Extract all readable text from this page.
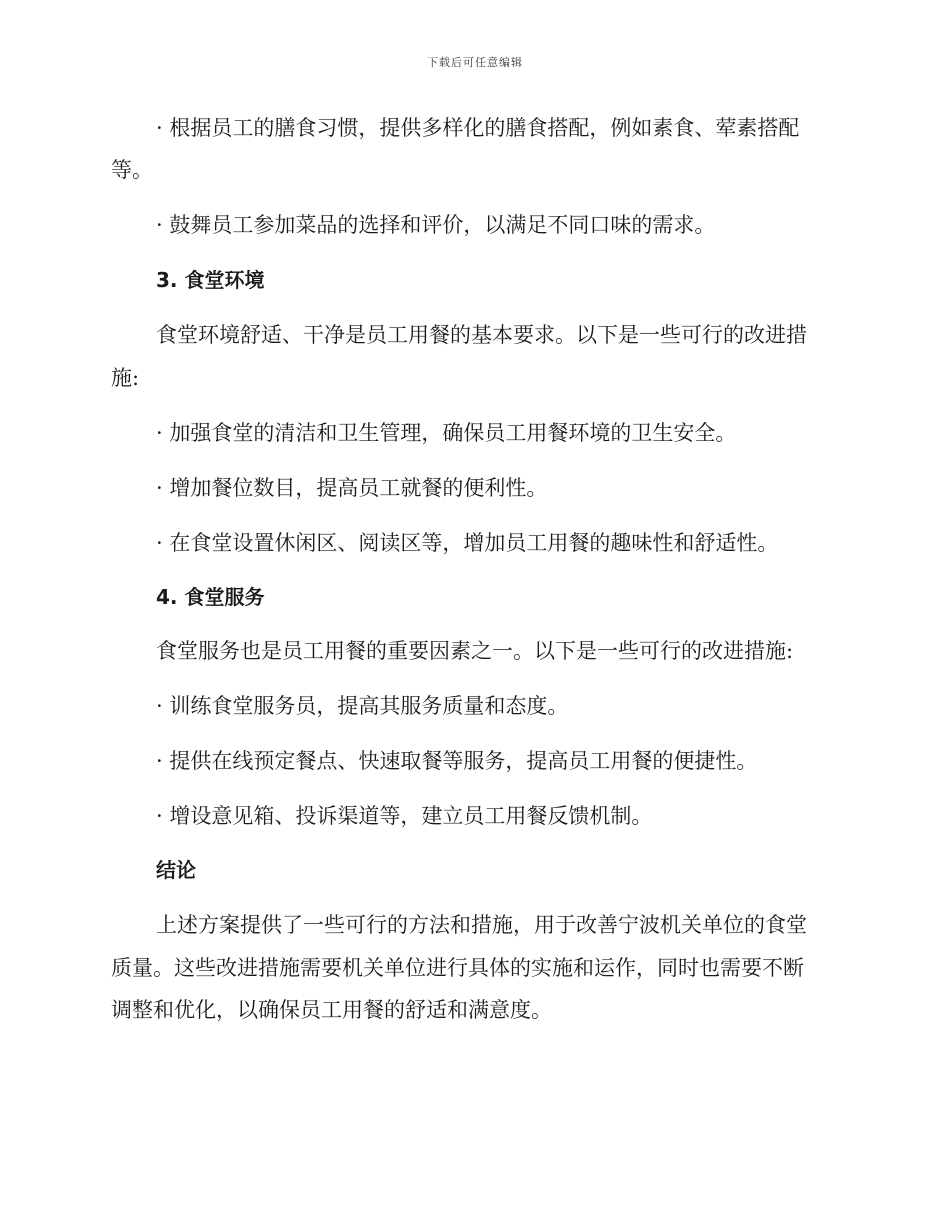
下载后可任意编辑
· 根据员工的膳食习惯，提供多样化的膳食搭配，例如素食、荤素搭配
等。
· 鼓舞员工参加菜品的选择和评价，以满足不同口味的需求。
3. 食堂环境
食堂环境舒适、干净是员工用餐的基本要求。以下是一些可行的改进措
施:
· 加强食堂的清洁和卫生管理，确保员工用餐环境的卫生安全。
· 增加餐位数目，提高员工就餐的便利性。
· 在食堂设置休闲区、阅读区等，增加员工用餐的趣味性和舒适性。
4. 食堂服务
食堂服务也是员工用餐的重要因素之一。以下是一些可行的改进措施:
· 训练食堂服务员，提高其服务质量和态度。
· 提供在线预定餐点、快速取餐等服务，提高员工用餐的便捷性。
· 增设意见箱、投诉渠道等，建立员工用餐反馈机制。
结论
上述方案提供了一些可行的方法和措施，用于改善宁波机关单位的食堂
质量。这些改进措施需要机关单位进行具体的实施和运作，同时也需要不断
调整和优化，以确保员工用餐的舒适和满意度。
